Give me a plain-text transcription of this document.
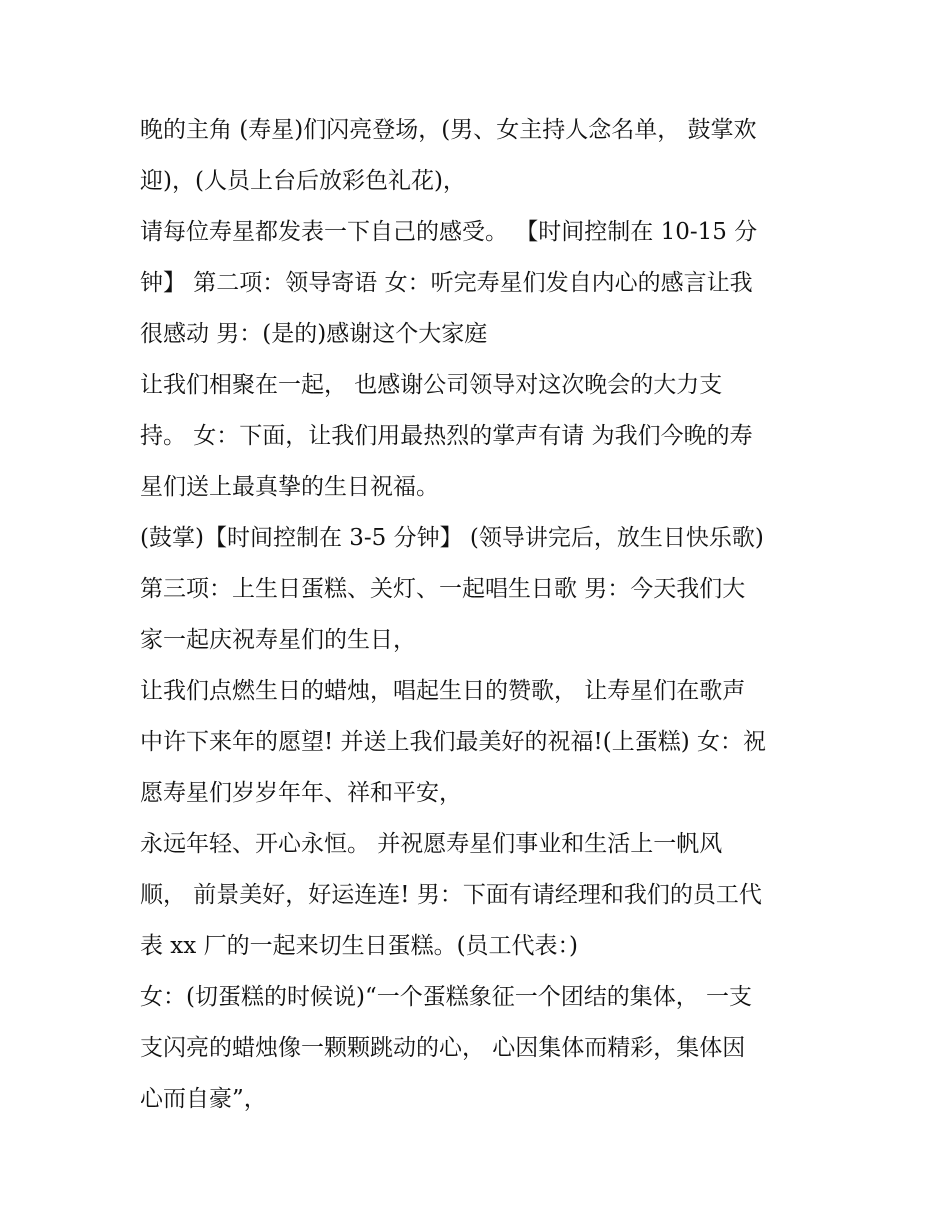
晚的主角 (寿星)们闪亮登场，(男、女主持人念名单， 鼓掌欢
迎)，(人员上台后放彩色礼花)，
请每位寿星都发表一下自己的感受。 【时间控制在 10-15 分
钟】 第二项：领导寄语 女：听完寿星们发自内心的感言让我
很感动 男：(是的)感谢这个大家庭
让我们相聚在一起， 也感谢公司领导对这次晚会的大力支
持。 女：下面，让我们用最热烈的掌声有请 为我们今晚的寿
星们送上最真挚的生日祝福。
(鼓掌)【时间控制在 3-5 分钟】 (领导讲完后，放生日快乐歌)
第三项：上生日蛋糕、关灯、一起唱生日歌 男：今天我们大
家一起庆祝寿星们的生日，
让我们点燃生日的蜡烛，唱起生日的赞歌， 让寿星们在歌声
中许下来年的愿望! 并送上我们最美好的祝福!(上蛋糕) 女：祝
愿寿星们岁岁年年、祥和平安，
永远年轻、开心永恒。 并祝愿寿星们事业和生活上一帆风
顺， 前景美好，好运连连! 男：下面有请经理和我们的员工代
表 xx 厂的一起来切生日蛋糕。(员工代表：)
女：(切蛋糕的时候说)“一个蛋糕象征一个团结的集体， 一支
支闪亮的蜡烛像一颗颗跳动的心， 心因集体而精彩，集体因
心而自豪”，
